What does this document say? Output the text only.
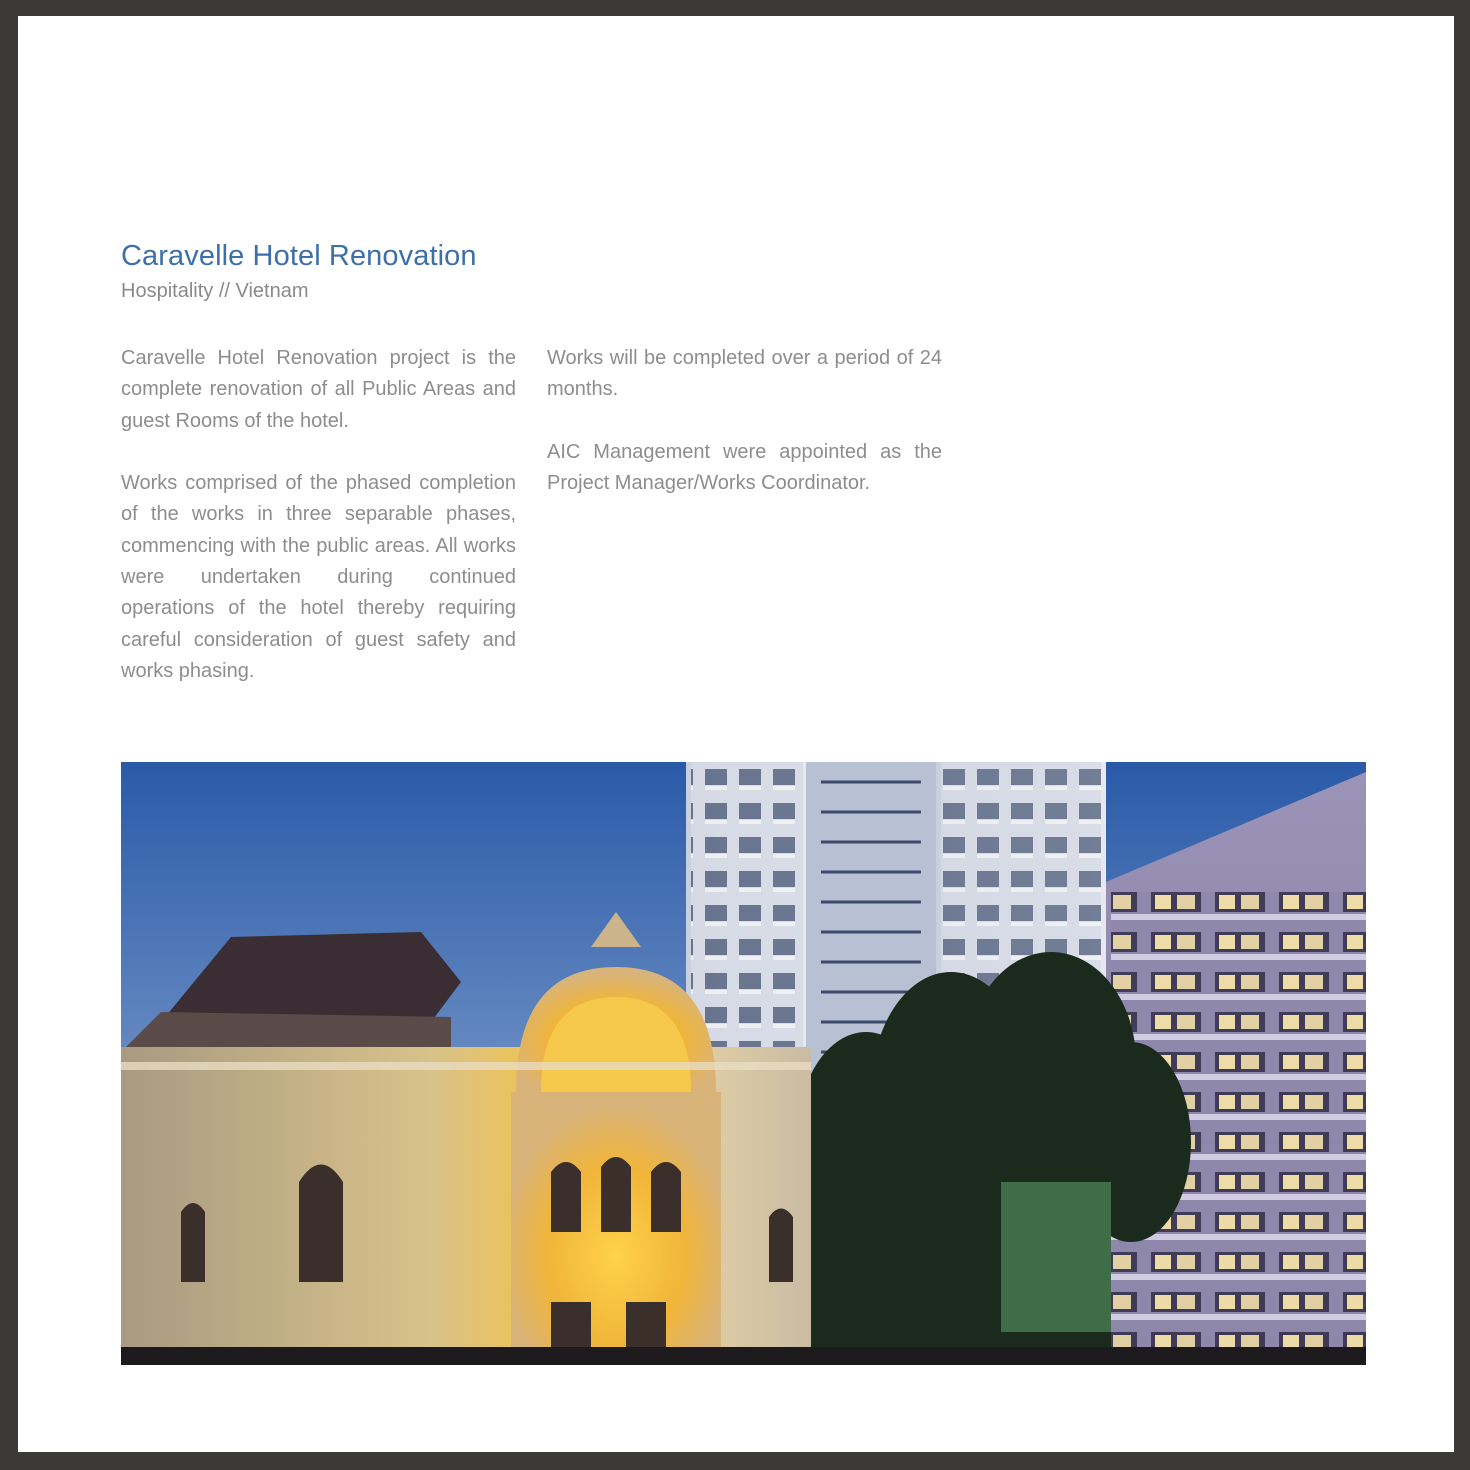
Caravelle Hotel Renovation
Hospitality // Vietnam

Caravelle Hotel Renovation project is the complete renovation of all Public Areas and guest Rooms of the hotel.

Works comprised of the phased completion of the works in three separable phases, commencing with the public areas. All works were undertaken during continued operations of the hotel thereby requiring careful consideration of guest safety and works phasing.

Works will be completed over a period of 24 months.

AIC Management were appointed as the Project Manager/Works Coordinator.
